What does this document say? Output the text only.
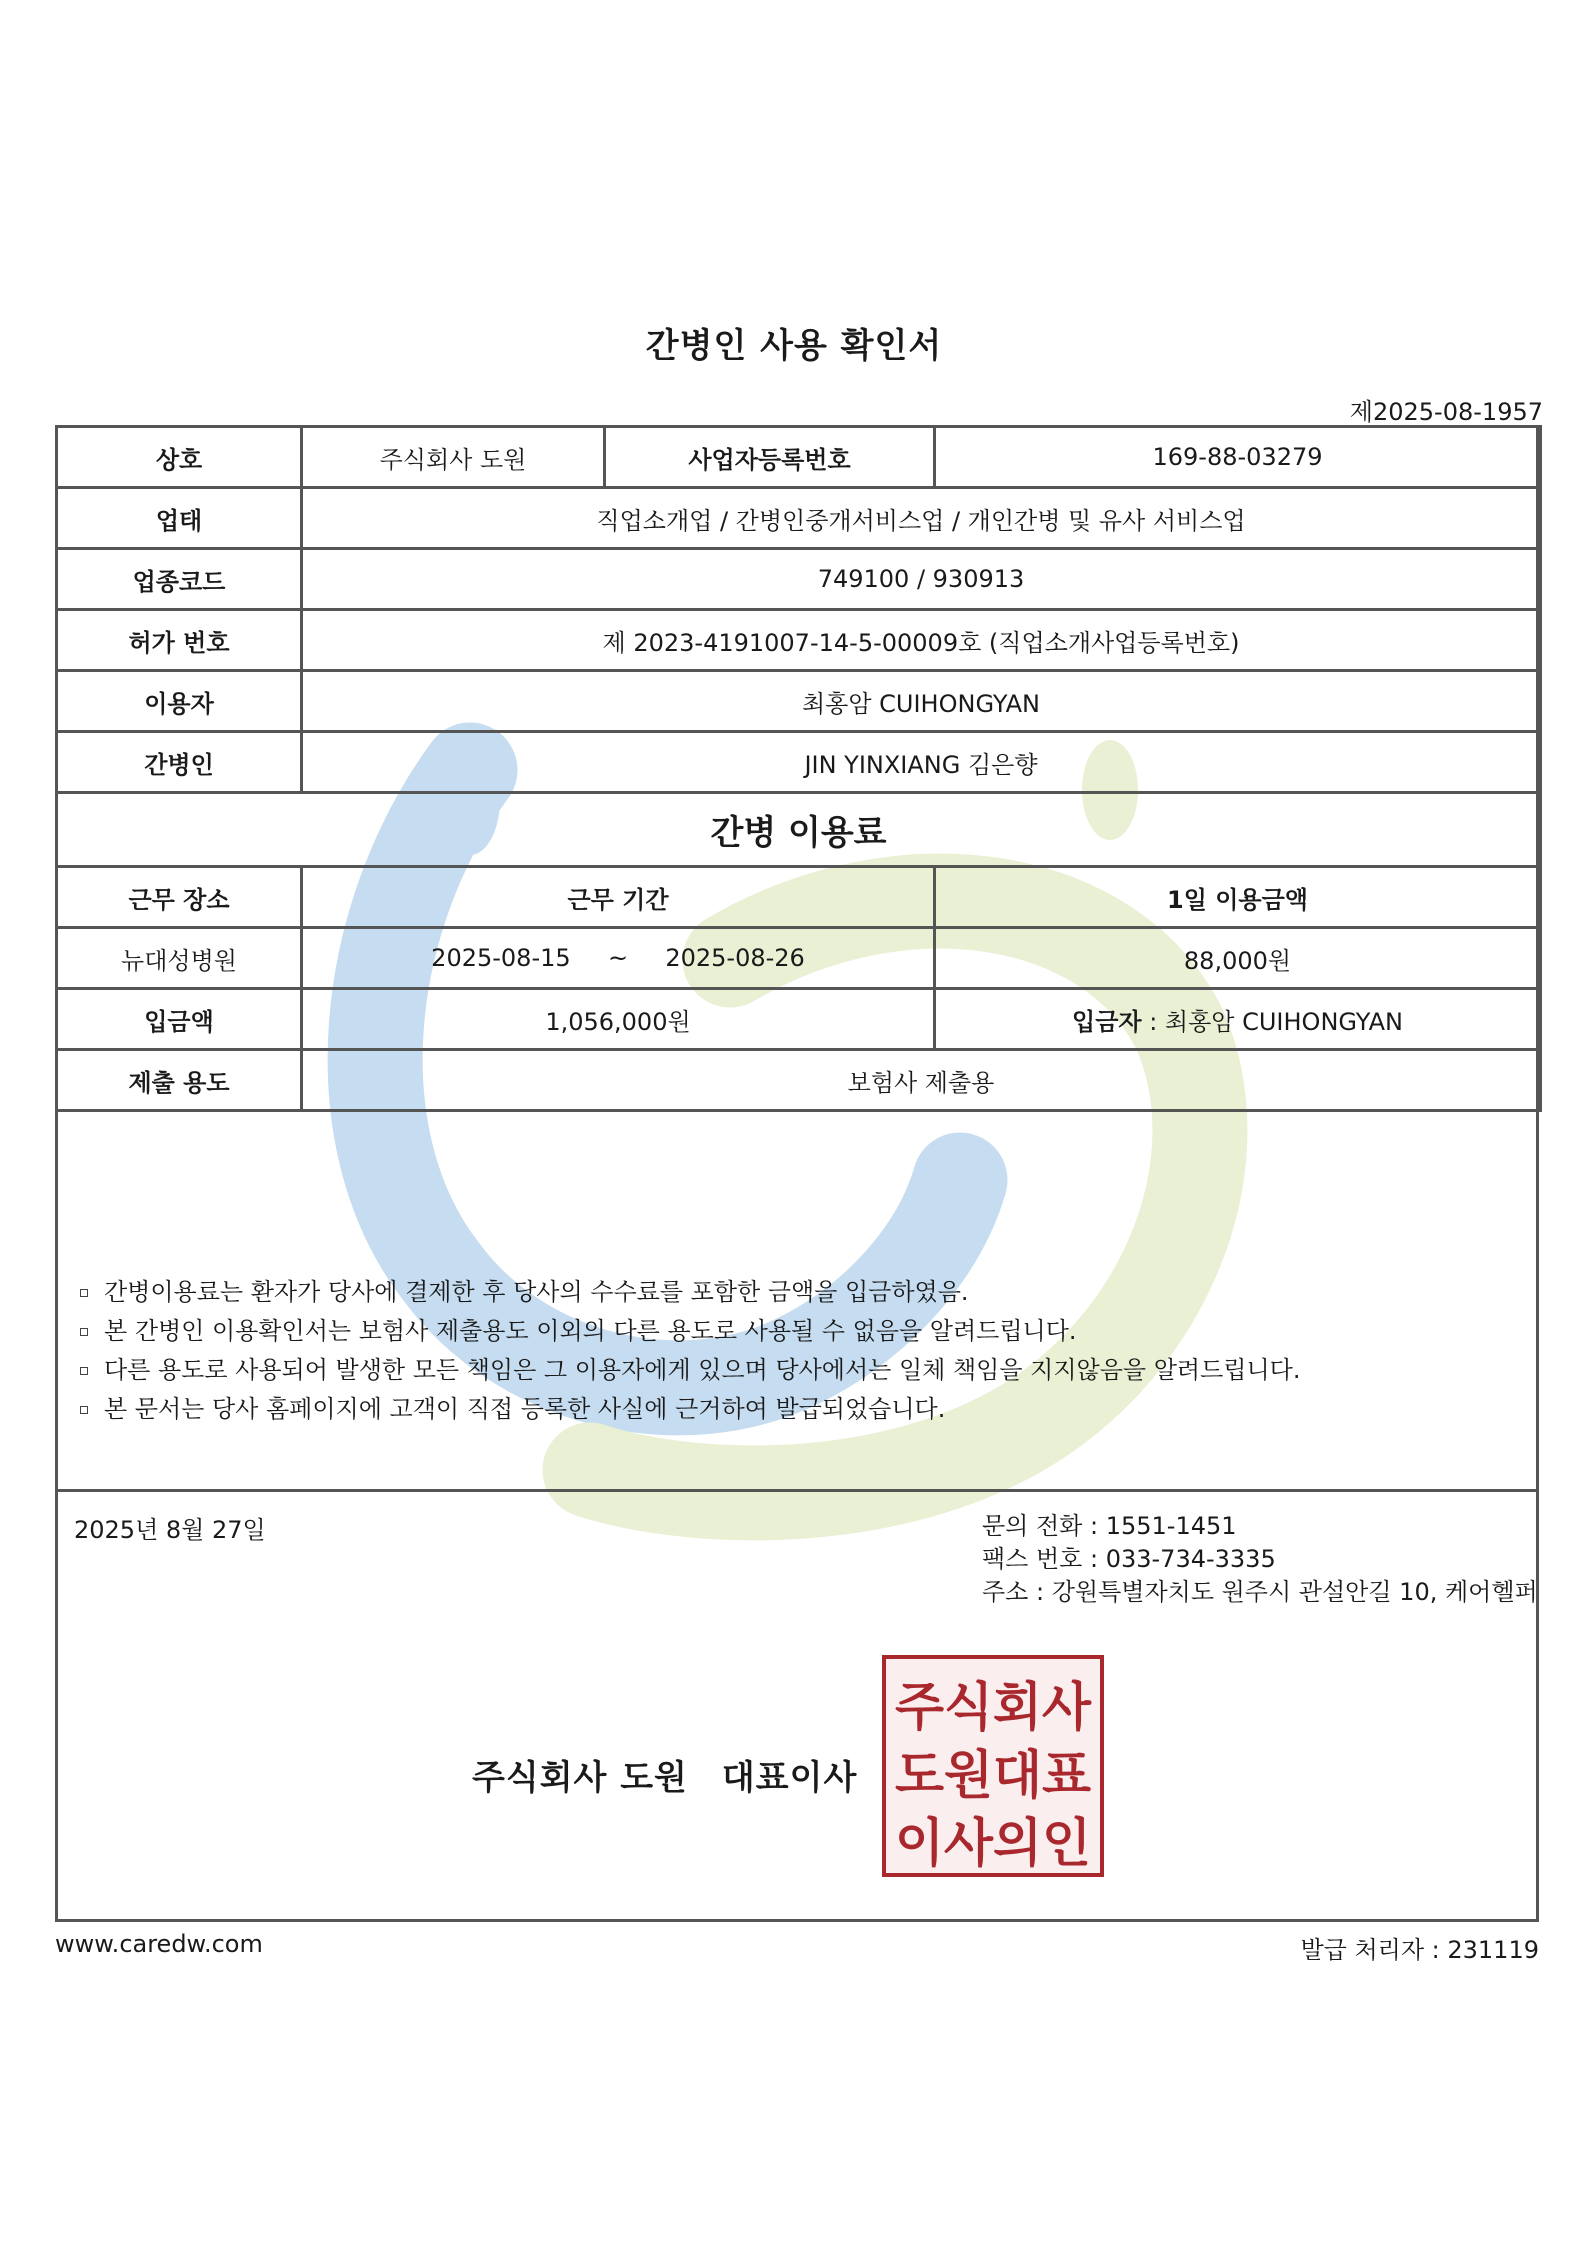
간병인 사용 확인서
제2025-08-1957
상호	주식회사 도원	사업자등록번호	169-88-03279
업태	직업소개업 / 간병인중개서비스업 / 개인간병 및 유사 서비스업		
업종코드	749100 / 930913		
허가 번호	제 2023-4191007-14-5-00009호 (직업소개사업등록번호)		
이용자	최홍암 CUIHONGYAN		
간병인	JIN YINXIANG 김은향		
간병 이용료			
근무 장소	근무 기간		1일 이용금액
뉴대성병원	2025-08-15 ~ 2025-08-26		88,000원
입금액	1,056,000원		입금자 : 최홍암 CUIHONGYAN
제출 용도	보험사 제출용		
간병이용료는 환자가 당사에 결제한 후 당사의 수수료를 포함한 금액을 입금하였음.
본 간병인 이용확인서는 보험사 제출용도 이외의 다른 용도로 사용될 수 없음을 알려드립니다.
다른 용도로 사용되어 발생한 모든 책임은 그 이용자에게 있으며 당사에서는 일체 책임을 지지않음을 알려드립니다.
본 문서는 당사 홈페이지에 고객이 직접 등록한 사실에 근거하여 발급되었습니다.
2025년 8월 27일	문의 전화 : 1551-1451
팩스 번호 : 033-734-3335
주소 : 강원특별자치도 원주시 관설안길 10, 케어헬퍼
주식회사 도원 대표이사
주식회사
도원대표
이사의인
www.caredw.com	발급 처리자 : 231119
